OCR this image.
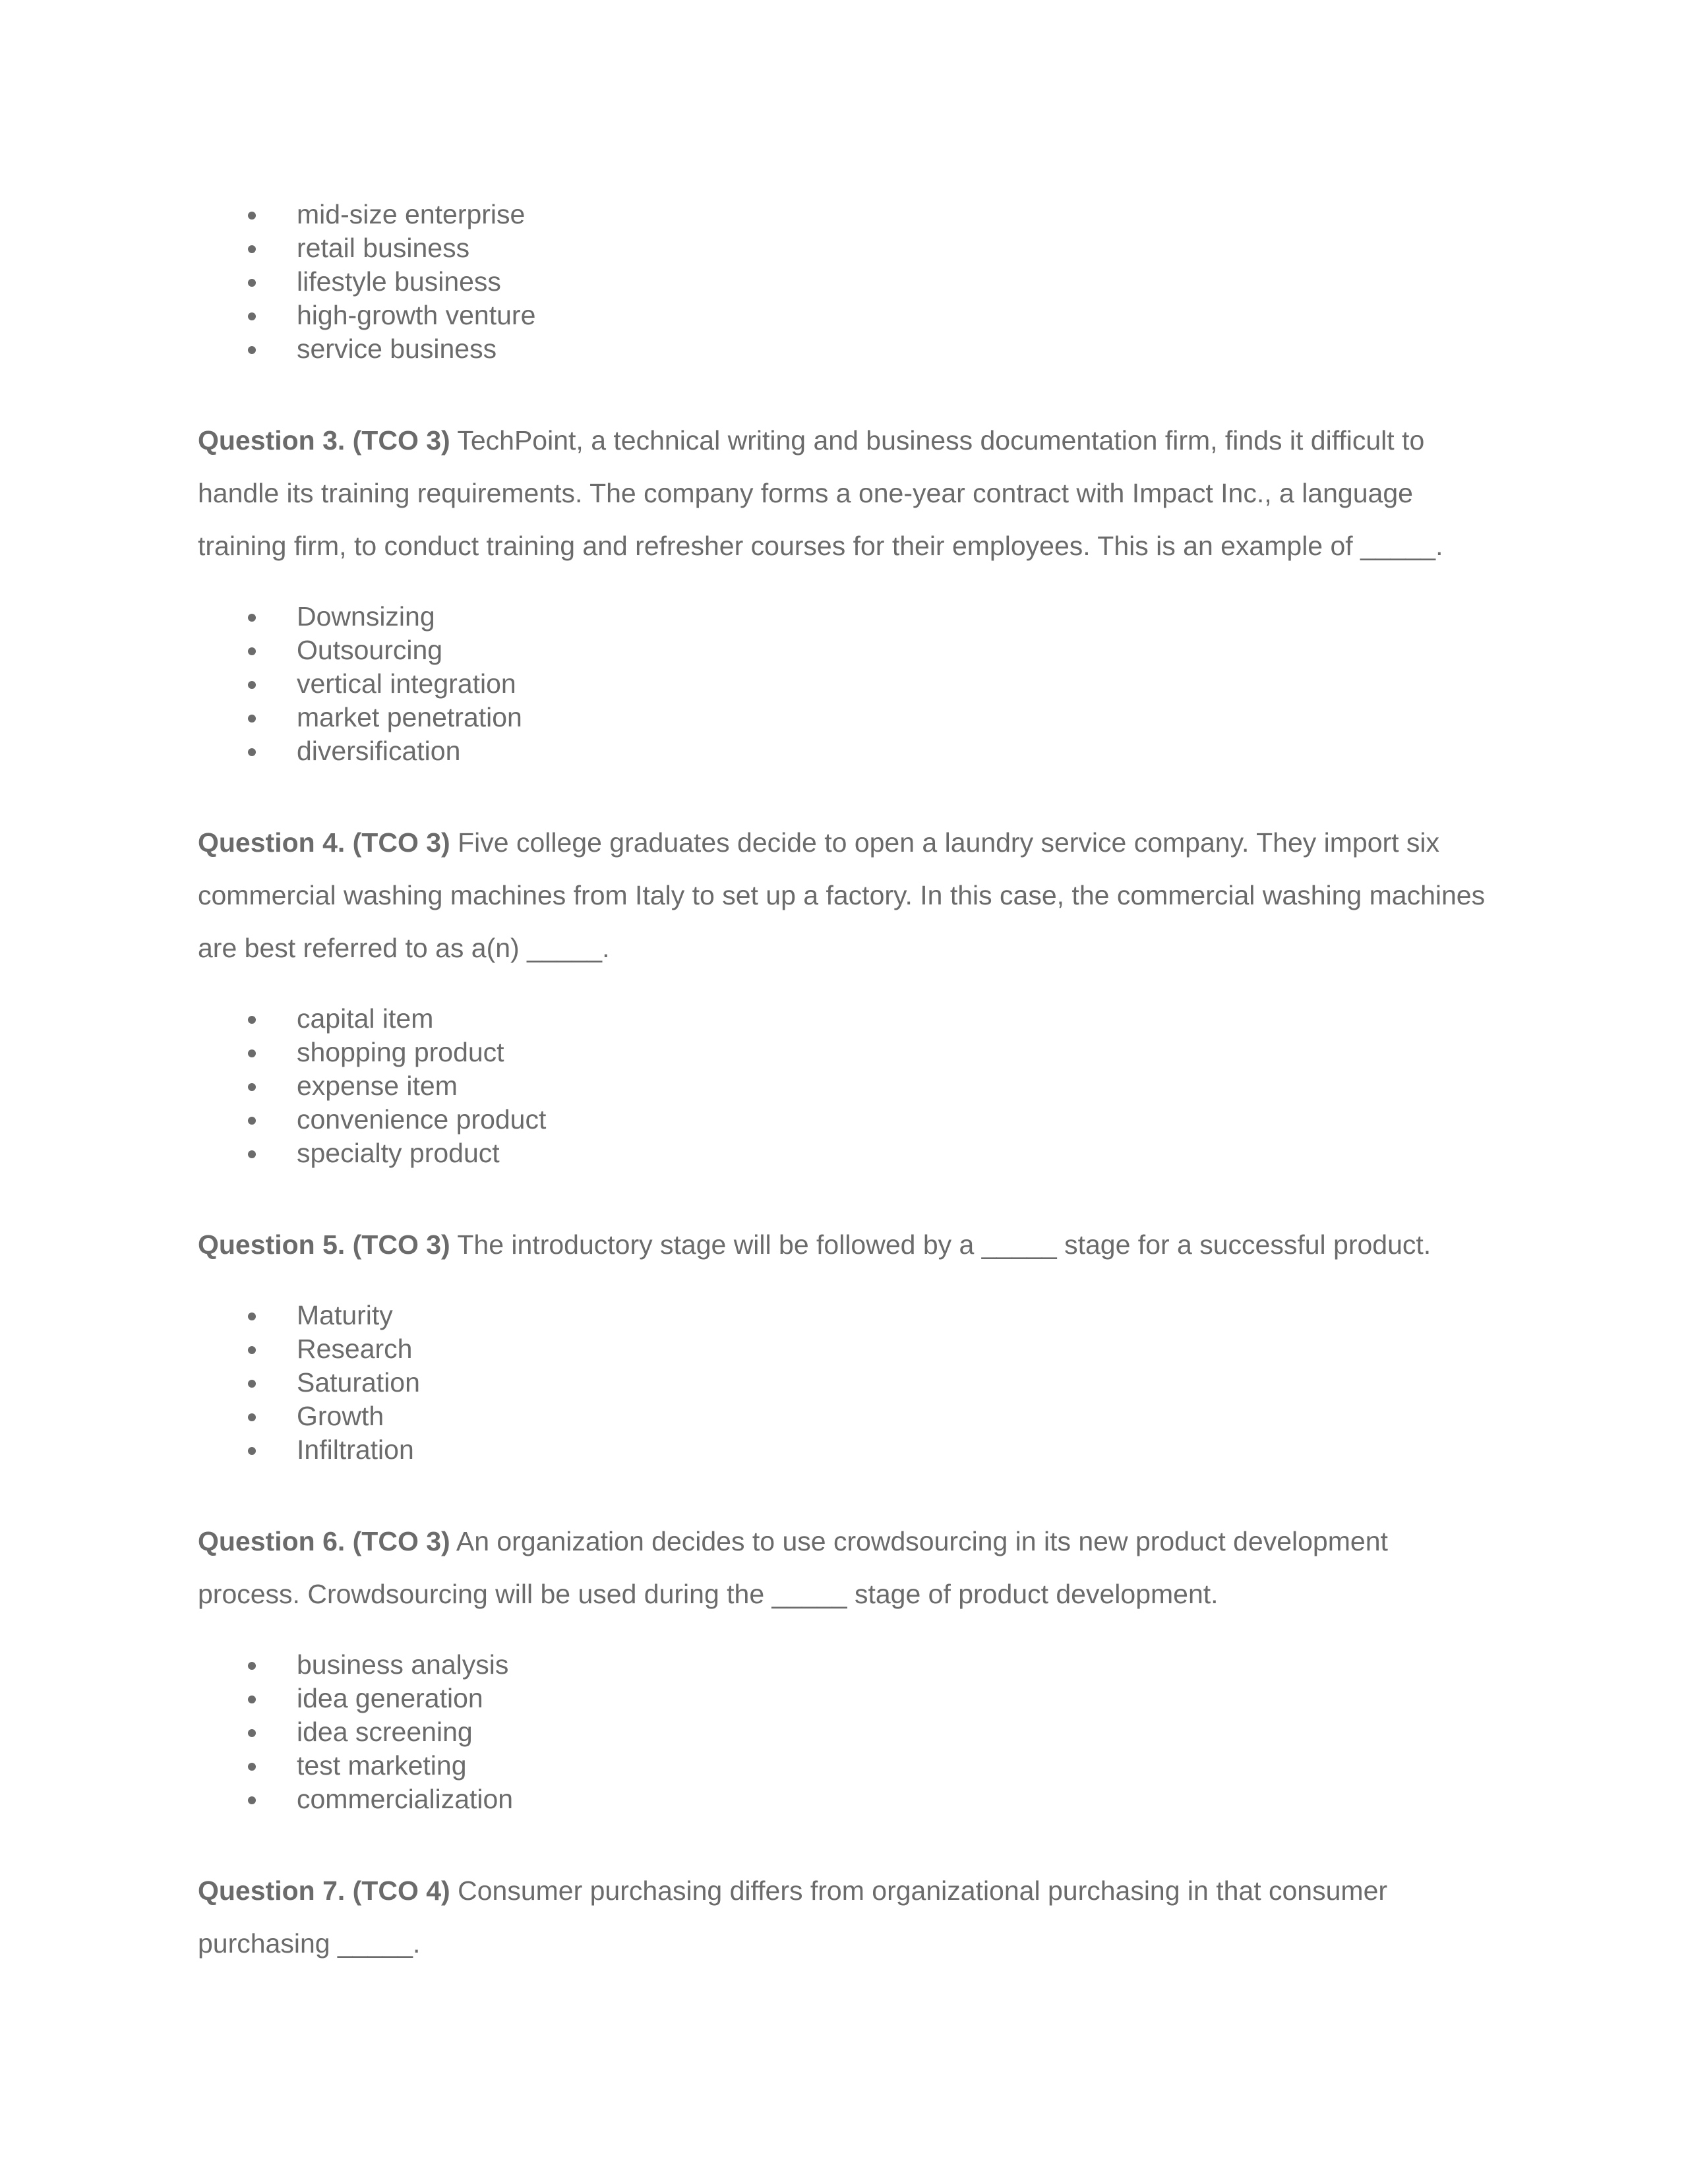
mid-size enterprise
retail business
lifestyle business
high-growth venture
service business

Question 3. (TCO 3) TechPoint, a technical writing and business documentation firm, finds it difficult to handle its training requirements. The company forms a one-year contract with Impact Inc., a language training firm, to conduct training and refresher courses for their employees. This is an example of _____.

Downsizing
Outsourcing
vertical integration
market penetration
diversification

Question 4. (TCO 3) Five college graduates decide to open a laundry service company. They import six commercial washing machines from Italy to set up a factory. In this case, the commercial washing machines are best referred to as a(n) _____.

capital item
shopping product
expense item
convenience product
specialty product

Question 5. (TCO 3) The introductory stage will be followed by a _____ stage for a successful product.

Maturity
Research
Saturation
Growth
Infiltration

Question 6. (TCO 3) An organization decides to use crowdsourcing in its new product development process. Crowdsourcing will be used during the _____ stage of product development.

business analysis
idea generation
idea screening
test marketing
commercialization

Question 7. (TCO 4) Consumer purchasing differs from organizational purchasing in that consumer purchasing _____.
